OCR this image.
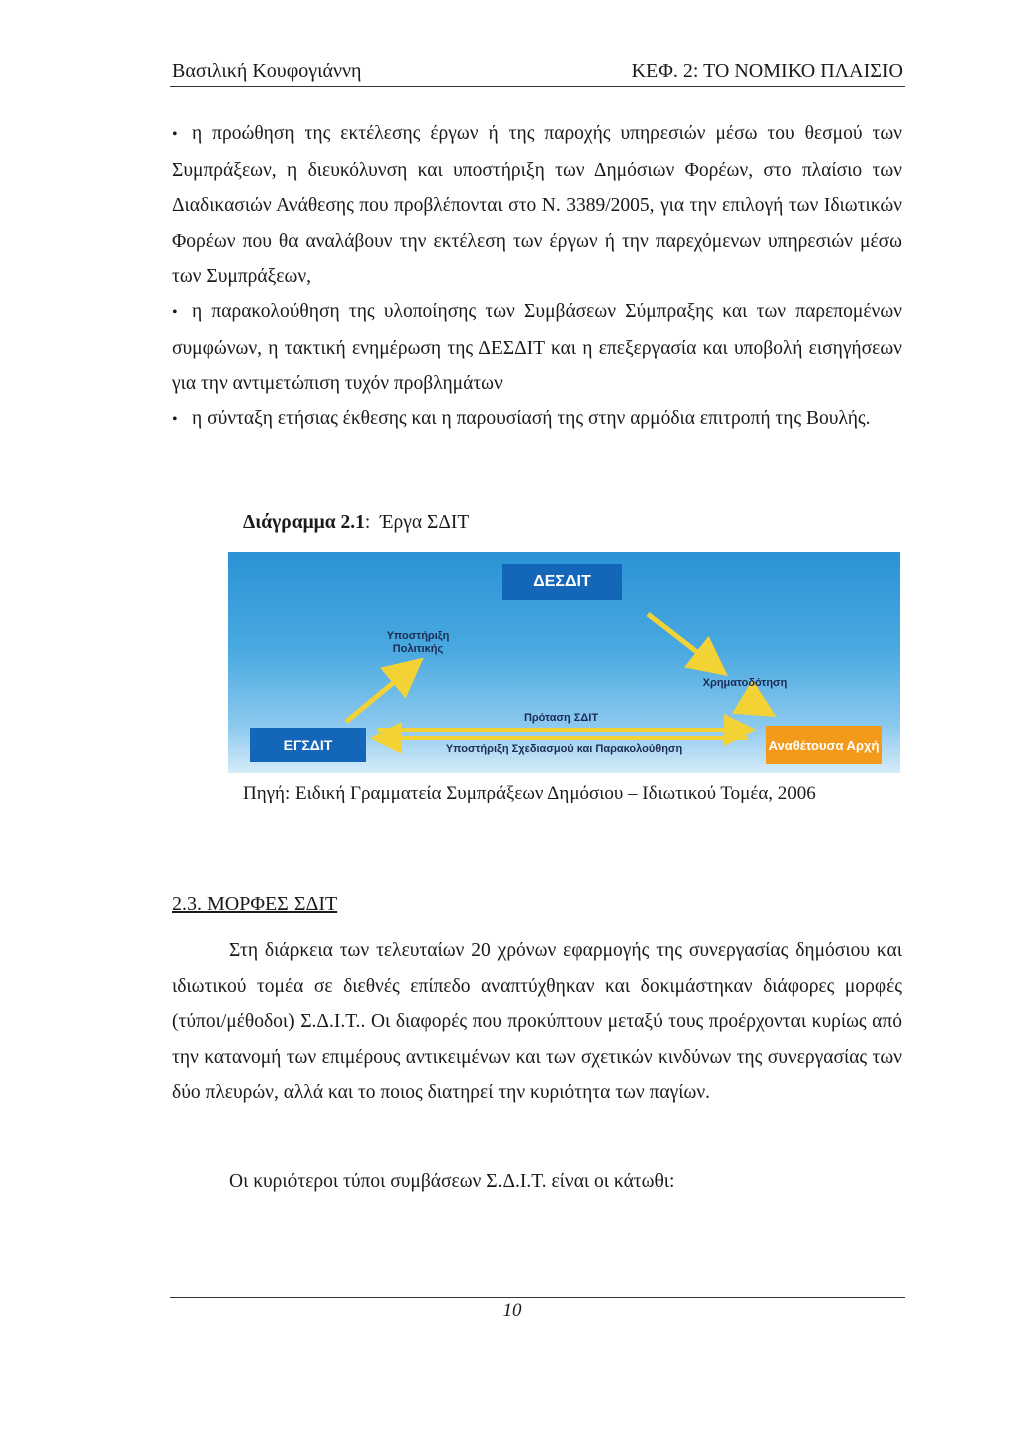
Βασιλική Κουφογιάννη	ΚΕΦ. 2: ΤΟ ΝΟΜΙΚΟ ΠΛΑΙΣΙΟ

• η προώθηση της εκτέλεσης έργων ή της παροχής υπηρεσιών μέσω του θεσμού των Συμπράξεων, η διευκόλυνση και υποστήριξη των Δημόσιων Φορέων, στο πλαίσιο των Διαδικασιών Ανάθεσης που προβλέπονται στο Ν. 3389/2005, για την επιλογή των Ιδιωτικών Φορέων που θα αναλάβουν την εκτέλεση των έργων ή την παρεχόμενων υπηρεσιών μέσω των Συμπράξεων,

• η παρακολούθηση της υλοποίησης των Συμβάσεων Σύμπραξης και των παρεπομένων συμφώνων, η τακτική ενημέρωση της ΔΕΣΔΙΤ και η επεξεργασία και υποβολή εισηγήσεων για την αντιμετώπιση τυχόν προβλημάτων

• η σύνταξη ετήσιας έκθεσης και η παρουσίασή της στην αρμόδια επιτροπή της Βουλής.

Διάγραμμα 2.1: Έργα ΣΔΙΤ
ΔΕΣΔΙΤ
ΕΓΣΔΙΤ	Αναθέτουσα Αρχή
Υποστήριξη Πολιτικής
Χρηματοδότηση
Πρόταση ΣΔΙΤ
Υποστήριξη Σχεδιασμού και Παρακολούθηση
Πηγή: Ειδική Γραμματεία Συμπράξεων Δημόσιου – Ιδιωτικού Τομέα, 2006
2.3. ΜΟΡΦΕΣ ΣΔΙΤ

Στη διάρκεια των τελευταίων 20 χρόνων εφαρμογής της συνεργασίας δημόσιου και ιδιωτικού τομέα σε διεθνές επίπεδο αναπτύχθηκαν και δοκιμάστηκαν διάφορες μορφές (τύποι/μέθοδοι) Σ.Δ.Ι.Τ.. Οι διαφορές που προκύπτουν μεταξύ τους προέρχονται κυρίως από την κατανομή των επιμέρους αντικειμένων και των σχετικών κινδύνων της συνεργασίας των δύο πλευρών, αλλά και το ποιος διατηρεί την κυριότητα των παγίων.

Οι κυριότεροι τύποι συμβάσεων Σ.Δ.Ι.Τ. είναι οι κάτωθι:

10
